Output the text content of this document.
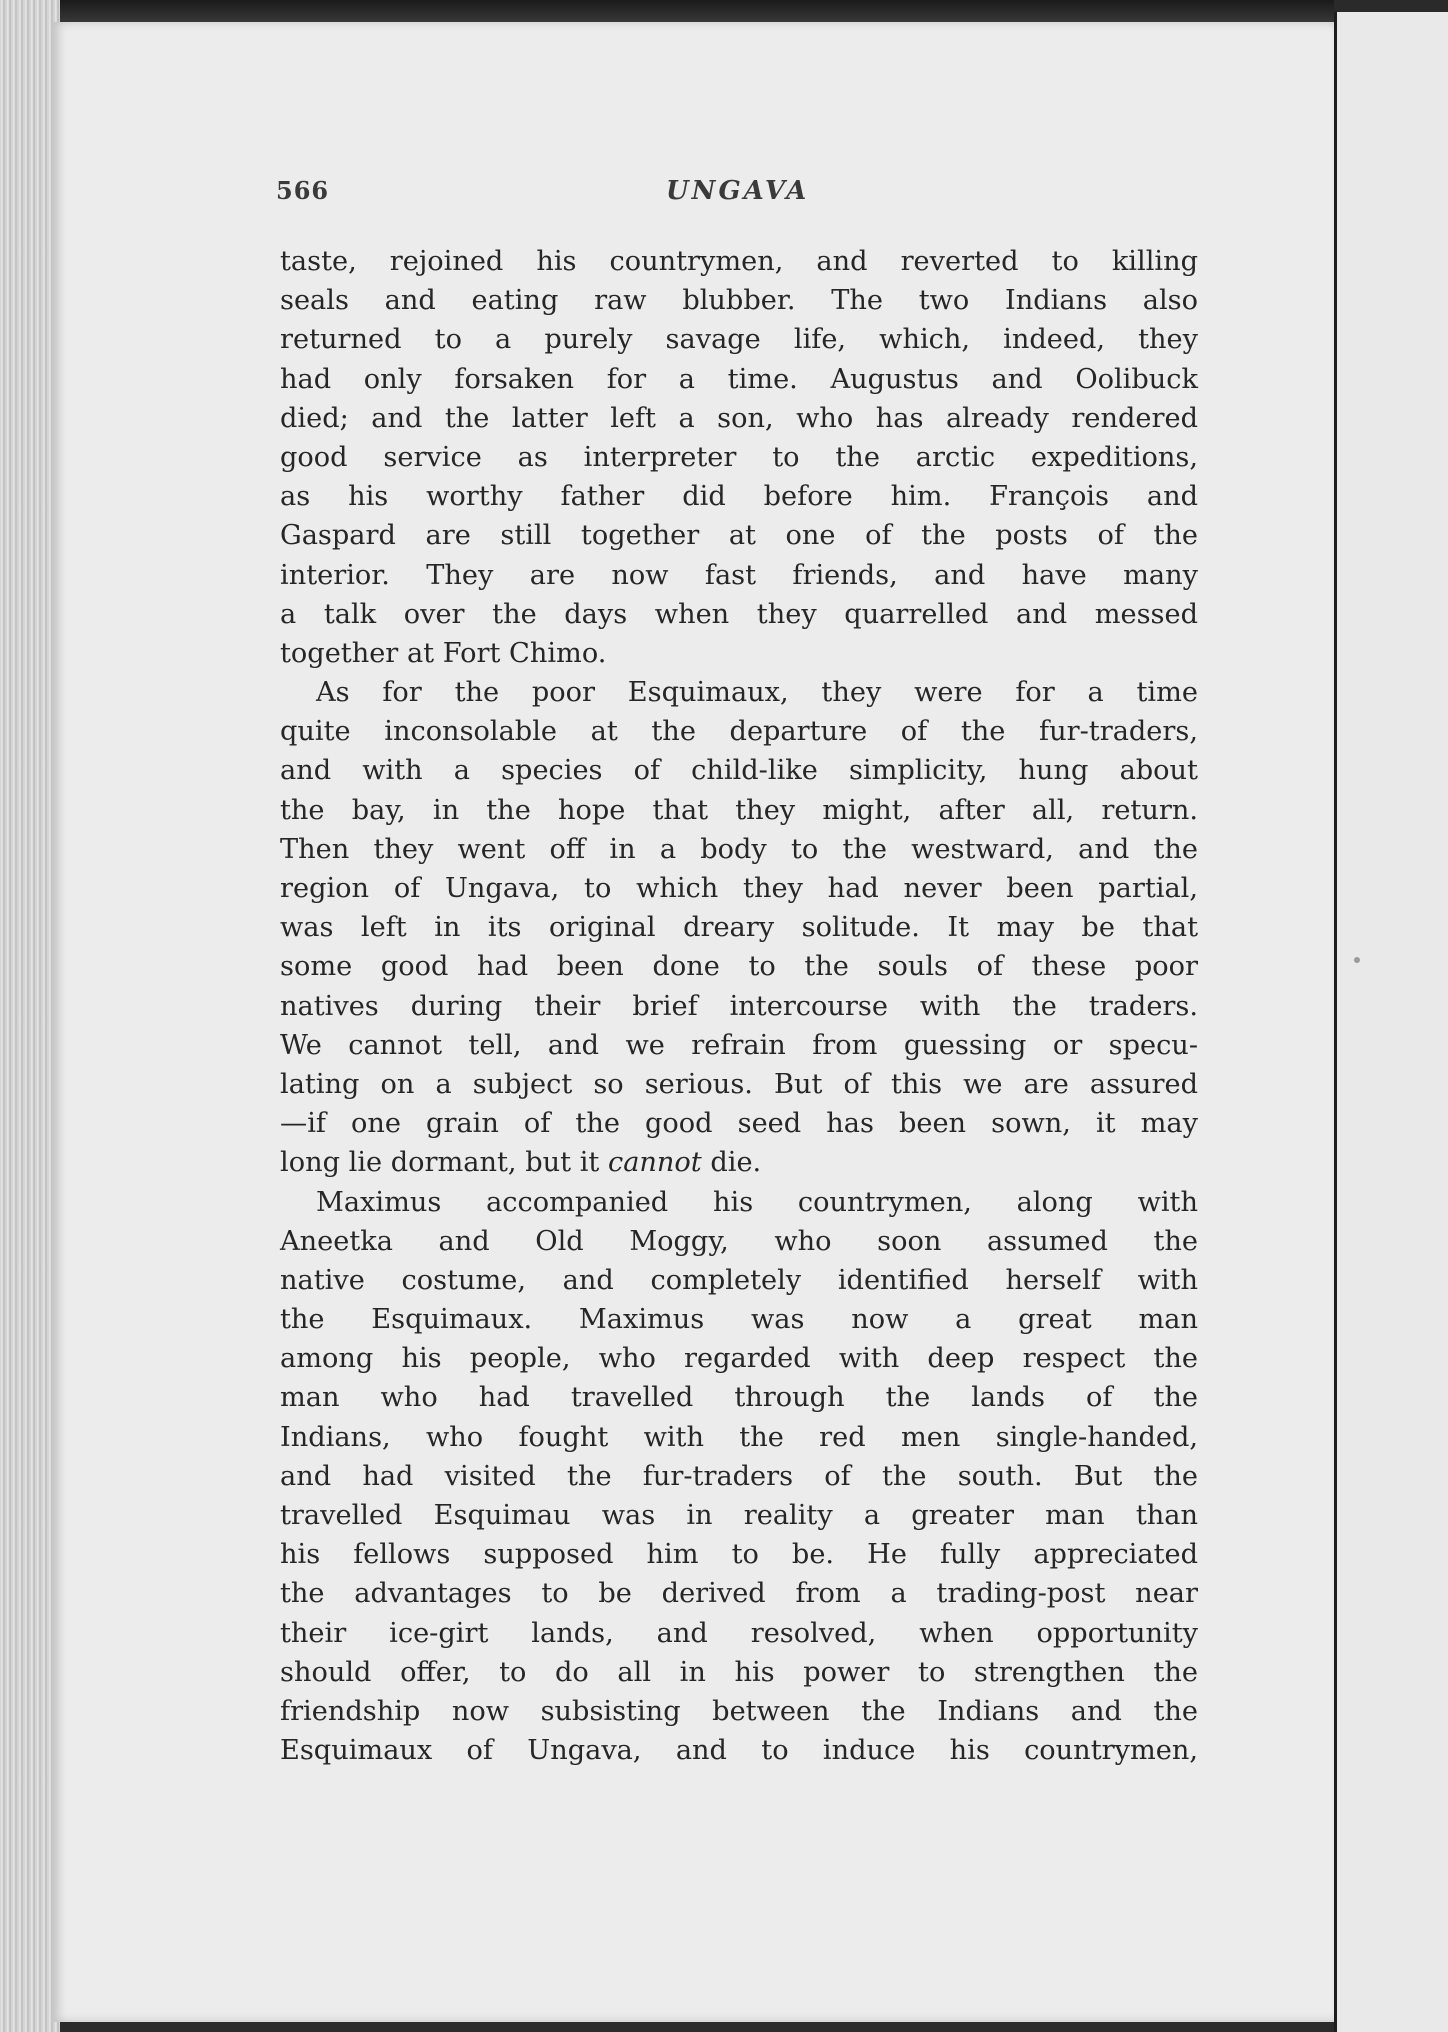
566	UNGAVA
taste, rejoined his countrymen, and reverted to killing
seals and eating raw blubber. The two Indians also
returned to a purely savage life, which, indeed, they
had only forsaken for a time. Augustus and Oolibuck
died; and the latter left a son, who has already rendered
good service as interpreter to the arctic expeditions,
as his worthy father did before him. François and
Gaspard are still together at one of the posts of the
interior. They are now fast friends, and have many
a talk over the days when they quarrelled and messed
together at Fort Chimo.
As for the poor Esquimaux, they were for a time
quite inconsolable at the departure of the fur-traders,
and with a species of child-like simplicity, hung about
the bay, in the hope that they might, after all, return.
Then they went off in a body to the westward, and the
region of Ungava, to which they had never been partial,
was left in its original dreary solitude. It may be that
some good had been done to the souls of these poor
natives during their brief intercourse with the traders.
We cannot tell, and we refrain from guessing or specu-
lating on a subject so serious. But of this we are assured
—if one grain of the good seed has been sown, it may
long lie dormant, but it cannot die.
Maximus accompanied his countrymen, along with
Aneetka and Old Moggy, who soon assumed the
native costume, and completely identified herself with
the Esquimaux. Maximus was now a great man
among his people, who regarded with deep respect the
man who had travelled through the lands of the
Indians, who fought with the red men single-handed,
and had visited the fur-traders of the south. But the
travelled Esquimau was in reality a greater man than
his fellows supposed him to be. He fully appreciated
the advantages to be derived from a trading-post near
their ice-girt lands, and resolved, when opportunity
should offer, to do all in his power to strengthen the
friendship now subsisting between the Indians and the
Esquimaux of Ungava, and to induce his countrymen,
